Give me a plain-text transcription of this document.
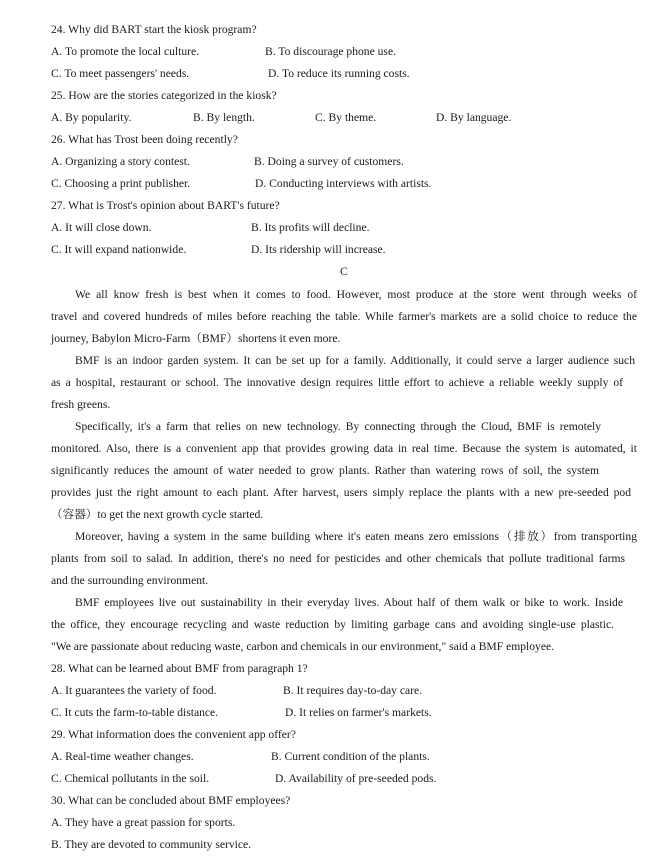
24. Why did BART start the kiosk program?
A. To promote the local culture.	B. To discourage phone use.
C. To meet passengers' needs.	D. To reduce its running costs.
25. How are the stories categorized in the kiosk?
A. By popularity.	B. By length.	C. By theme.	D. By language.
26. What has Trost been doing recently?
A. Organizing a story contest.	B. Doing a survey of customers.
C. Choosing a print publisher.	D. Conducting interviews with artists.
27. What is Trost's opinion about BART's future?
A. It will close down.	B. Its profits will decline.
C. It will expand nationwide.	D. Its ridership will increase.
C
We all know fresh is best when it comes to food. However, most produce at the store went through weeks of
travel and covered hundreds of miles before reaching the table. While farmer's markets are a solid choice to reduce the
journey, Babylon Micro-Farm（BMF）shortens it even more.
BMF is an indoor garden system. It can be set up for a family. Additionally, it could serve a larger audience such
as a hospital, restaurant or school. The innovative design requires little effort to achieve a reliable weekly supply of
fresh greens.
Specifically, it's a farm that relies on new technology. By connecting through the Cloud, BMF is remotely
monitored. Also, there is a convenient app that provides growing data in real time. Because the system is automated, it
significantly reduces the amount of water needed to grow plants. Rather than watering rows of soil, the system
provides just the right amount to each plant. After harvest, users simply replace the plants with a new pre-seeded pod
（容器）to get the next growth cycle started.
Moreover, having a system in the same building where it's eaten means zero emissions（排放）from transporting
plants from soil to salad. In addition, there's no need for pesticides and other chemicals that pollute traditional farms
and the surrounding environment.
BMF employees live out sustainability in their everyday lives. About half of them walk or bike to work. Inside
the office, they encourage recycling and waste reduction by limiting garbage cans and avoiding single-use plastic.
"We are passionate about reducing waste, carbon and chemicals in our environment," said a BMF employee.
28. What can be learned about BMF from paragraph 1?
A. It guarantees the variety of food.	B. It requires day-to-day care.
C. It cuts the farm-to-table distance.	D. It relies on farmer's markets.
29. What information does the convenient app offer?
A. Real-time weather changes.	B. Current condition of the plants.
C. Chemical pollutants in the soil.	D. Availability of pre-seeded pods.
30. What can be concluded about BMF employees?
A. They have a great passion for sports.
B. They are devoted to community service.
